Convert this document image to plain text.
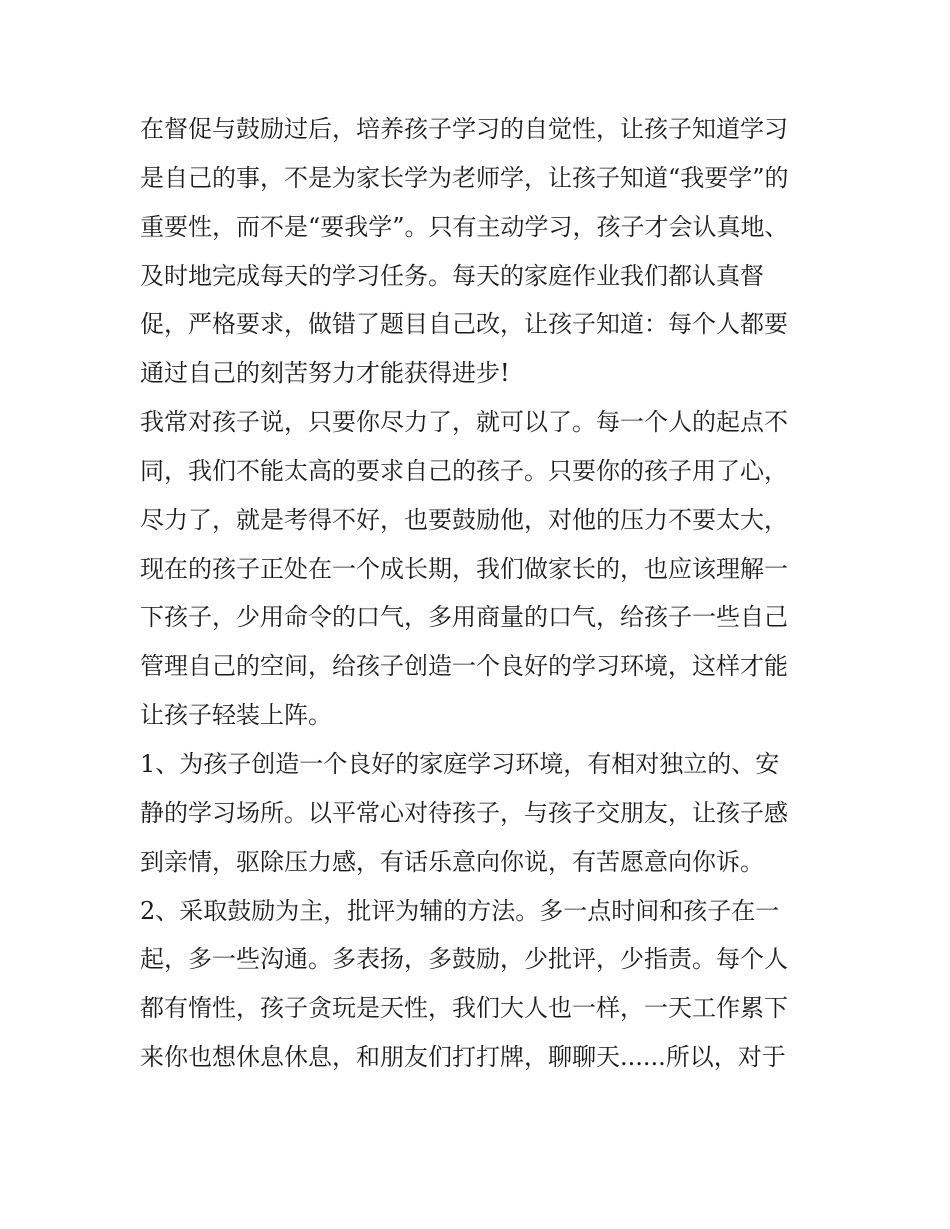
在督促与鼓励过后，培养孩子学习的自觉性，让孩子知道学习
是自己的事，不是为家长学为老师学，让孩子知道“我要学”的
重要性，而不是“要我学”。只有主动学习，孩子才会认真地、
及时地完成每天的学习任务。每天的家庭作业我们都认真督
促，严格要求，做错了题目自己改，让孩子知道：每个人都要
通过自己的刻苦努力才能获得进步!
我常对孩子说，只要你尽力了，就可以了。每一个人的起点不
同，我们不能太高的要求自己的孩子。只要你的孩子用了心，
尽力了，就是考得不好，也要鼓励他，对他的压力不要太大，
现在的孩子正处在一个成长期，我们做家长的，也应该理解一
下孩子，少用命令的口气，多用商量的口气，给孩子一些自己
管理自己的空间，给孩子创造一个良好的学习环境，这样才能
让孩子轻装上阵。
1、为孩子创造一个良好的家庭学习环境，有相对独立的、安
静的学习场所。以平常心对待孩子，与孩子交朋友，让孩子感
到亲情，驱除压力感，有话乐意向你说，有苦愿意向你诉。
2、采取鼓励为主，批评为辅的方法。多一点时间和孩子在一
起，多一些沟通。多表扬，多鼓励，少批评，少指责。每个人
都有惰性，孩子贪玩是天性，我们大人也一样，一天工作累下
来你也想休息休息，和朋友们打打牌，聊聊天......所以，对于
